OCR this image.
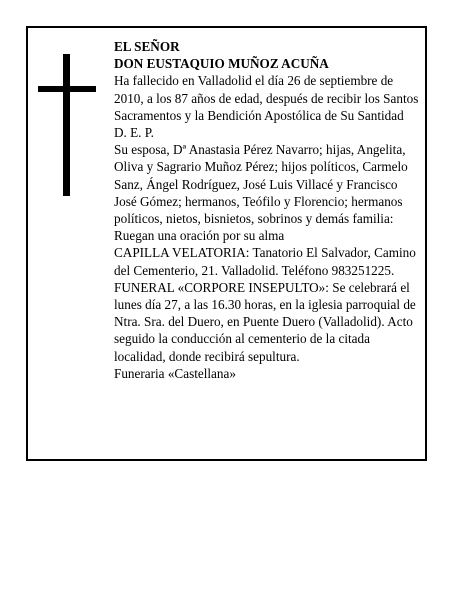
EL SEÑOR

DON EUSTAQUIO MUÑOZ ACUÑA

Ha fallecido en Valladolid el día 26 de septiembre de 2010, a los 87 años de edad, después de recibir los Santos Sacramentos y la Bendición Apostólica de Su Santidad

D. E. P.

Su esposa, Dª Anastasia Pérez Navarro; hijas, Angelita, Oliva y Sagrario Muñoz Pérez; hijos políticos, Carmelo Sanz, Ángel Rodríguez, José Luis Villacé y Francisco José Gómez; hermanos, Teófilo y Florencio; hermanos políticos, nietos, bisnietos, sobrinos y demás familia:

Ruegan una oración por su alma

CAPILLA VELATORIA: Tanatorio El Salvador, Camino del Cementerio, 21. Valladolid. Teléfono 983251225.

FUNERAL «CORPORE INSEPULTO»: Se celebrará el lunes día 27, a las 16.30 horas, en la iglesia parroquial de Ntra. Sra. del Duero, en Puente Duero (Valladolid). Acto seguido la conducción al cementerio de la citada localidad, donde recibirá sepultura.

Funeraria «Castellana»
